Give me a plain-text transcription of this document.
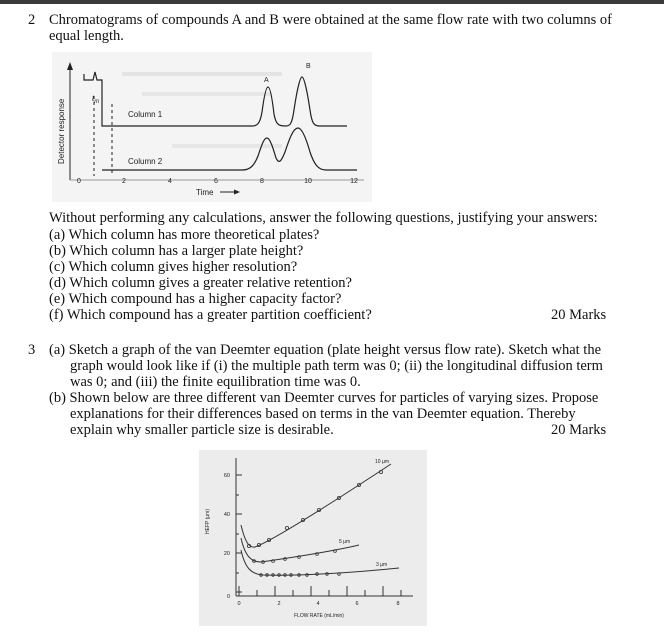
2 Chromatograms of compounds A and B were obtained at the same flow rate with two columns of
equal length.
Detector response
$t_m$
Column 1
A
B
Column 2
0	2	4	6	8	10	12
Time
Without performing any calculations, answer the following questions, justifying your answers:
(a) Which column has more theoretical plates?
(b) Which column has a larger plate height?
(c) Which column gives higher resolution?
(d) Which column gives a greater relative retention?
(e) Which compound has a higher capacity factor?
(f) Which compound has a greater partition coefficient?	20 Marks
3 (a) Sketch a graph of the van Deemter equation (plate height versus flow rate). Sketch what the
graph would look like if (i) the multiple path term was 0; (ii) the longitudinal diffusion term
was 0; and (iii) the finite equilibration time was 0.
(b) Shown below are three different van Deemter curves for particles of varying sizes. Propose
explanations for their differences based on terms in the van Deemter equation. Thereby
explain why smaller particle size is desirable.	20 Marks
60
40
20
0
HEFP (µm)
0	2	4	6	8
FLOW RATE (mL/min)
10 µm
5 µm
3 µm
